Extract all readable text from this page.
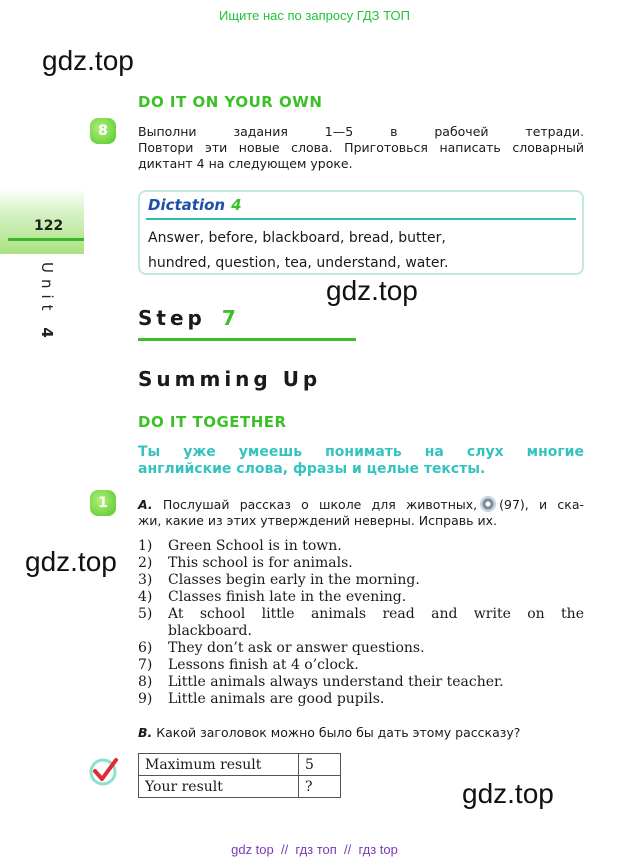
Ищите нас по запросу ГДЗ ТОП
gdz.top
gdz.top
gdz.top
gdz.top
122
Unit 4
DO IT ON YOUR OWN
8	Выполни задания 1—5 в рабочей тетради.
Повтори эти новые слова. Приготовься написать словарный
диктант 4 на следующем уроке.
Dictation 4
Answer, before, blackboard, bread, butter,
hundred, question, tea, understand, water.
Step 7
Summing Up
DO IT TOGETHER
Ты уже умеешь понимать на слух многие
английские слова, фразы и целые тексты.
1	A. Послушай рассказ о школе для животных, (97), и ска-
жи, какие из этих утверждений неверны. Исправь их.
1)	Green School is in town.
2)	This school is for animals.
3)	Classes begin early in the morning.
4)	Classes finish late in the evening.
5)	At school little animals read and write on the
blackboard.
6)	They don’t ask or answer questions.
7)	Lessons finish at 4 o’clock.
8)	Little animals always understand their teacher.
9)	Little animals are good pupils.
B. Какой заголовок можно было бы дать этому рассказу?
Maximum result	5
Your result	?
gdz top  //  гдз топ  //  гдз top
